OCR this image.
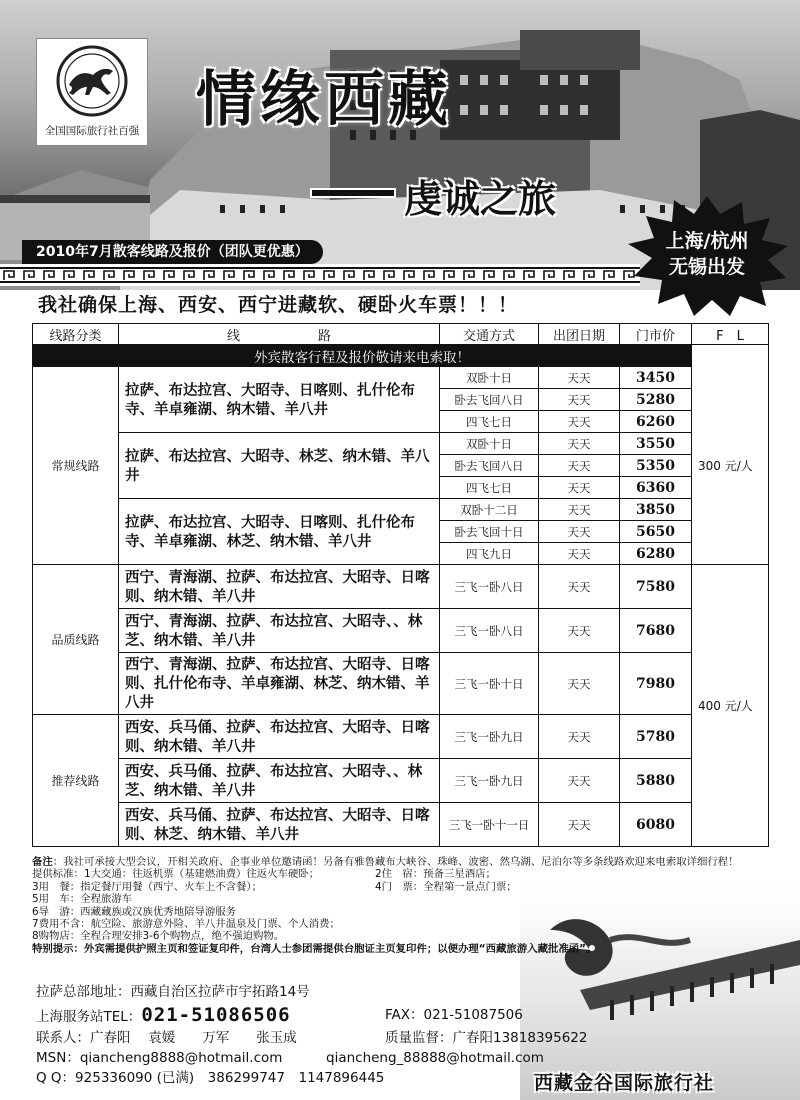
全国国际旅行社百强 情缘西藏
虔诚之旅
2010年7月散客线路及报价（团队更优惠）	上海/杭州
无锡出发
我社确保上海、西安、西宁进藏软、硬卧火车票！！！
线路分类	线　　　　　　路	交通方式	出团日期	门市价	F　L
外宾散客行程及报价敬请来电索取！					
常规线路	拉萨、布达拉宫、大昭寺、日喀则、扎什伦布寺、羊卓雍湖、纳木错、羊八井	双卧十日	天天	3450	300 元/人
		卧去飞回八日	天天	5280	
		四飞七日	天天	6260	
	拉萨、布达拉宫、大昭寺、林芝、纳木错、羊八井	双卧十日	天天	3550	
		卧去飞回八日	天天	5350	
		四飞七日	天天	6360	
	拉萨、布达拉宫、大昭寺、日喀则、扎什伦布寺、羊卓雍湖、林芝、纳木错、羊八井	双卧十二日	天天	3850	
		卧去飞回十日	天天	5650	
		四飞九日	天天	6280	
品质线路	西宁、青海湖、拉萨、布达拉宫、大昭寺、日喀则、纳木错、羊八井	三飞一卧八日	天天	7580	400 元/人
	西宁、青海湖、拉萨、布达拉宫、大昭寺、、林芝、纳木错、羊八井	三飞一卧八日	天天	7680	
	西宁、青海湖、拉萨、布达拉宫、大昭寺、日喀则、扎什伦布寺、羊卓雍湖、林芝、纳木错、羊八井	三飞一卧十日	天天	7980	
推荐线路	西安、兵马俑、拉萨、布达拉宫、大昭寺、日喀则、纳木错、羊八井	三飞一卧九日	天天	5780	
	西安、兵马俑、拉萨、布达拉宫、大昭寺、、林芝、纳木错、羊八井	三飞一卧九日	天天	5880	
	西安、兵马俑、拉萨、布达拉宫、大昭寺、日喀则、林芝、纳木错、羊八井	三飞一卧十一日	天天	6080	
备注：我社可承接大型会议，开相关政府、企事业单位邀请函！另备有雅鲁藏布大峡谷、珠峰、波密、然乌湖、尼泊尔等多条线路欢迎来电索取详细行程！
提供标准：1大交通：往返机票（基建燃油费）往返火车硬卧；	2住　宿：预备三星酒店；
3用　餐：指定餐厅用餐（西宁、火车上不含餐）；	4门　票：全程第一景点门票；
5用　车：全程旅游车
6导　游：西藏藏族或汉族优秀地陪导游服务
7费用不含：航空险、旅游意外险、羊八井温泉及门票、个人消费；
8购物店：全程合理安排3-6个购物点，绝不强迫购物。
特别提示：外宾需提供护照主页和签证复印件，台湾人士参团需提供台胞证主页复印件；以便办理“西藏旅游入藏批准函”。
拉萨总部地址：西藏自治区拉萨市宇拓路14号
上海服务站TEL：021-51086506	FAX：021-51087506
联系人：广春阳　 袁媛　　万军　　张玉成	质量监督：广春阳13818395622
MSN：qiancheng8888@hotmail.com	qiancheng_88888@hotmail.com
Q Q：925336090 (已满)　386299747　1147896445	西藏金谷国际旅行社
